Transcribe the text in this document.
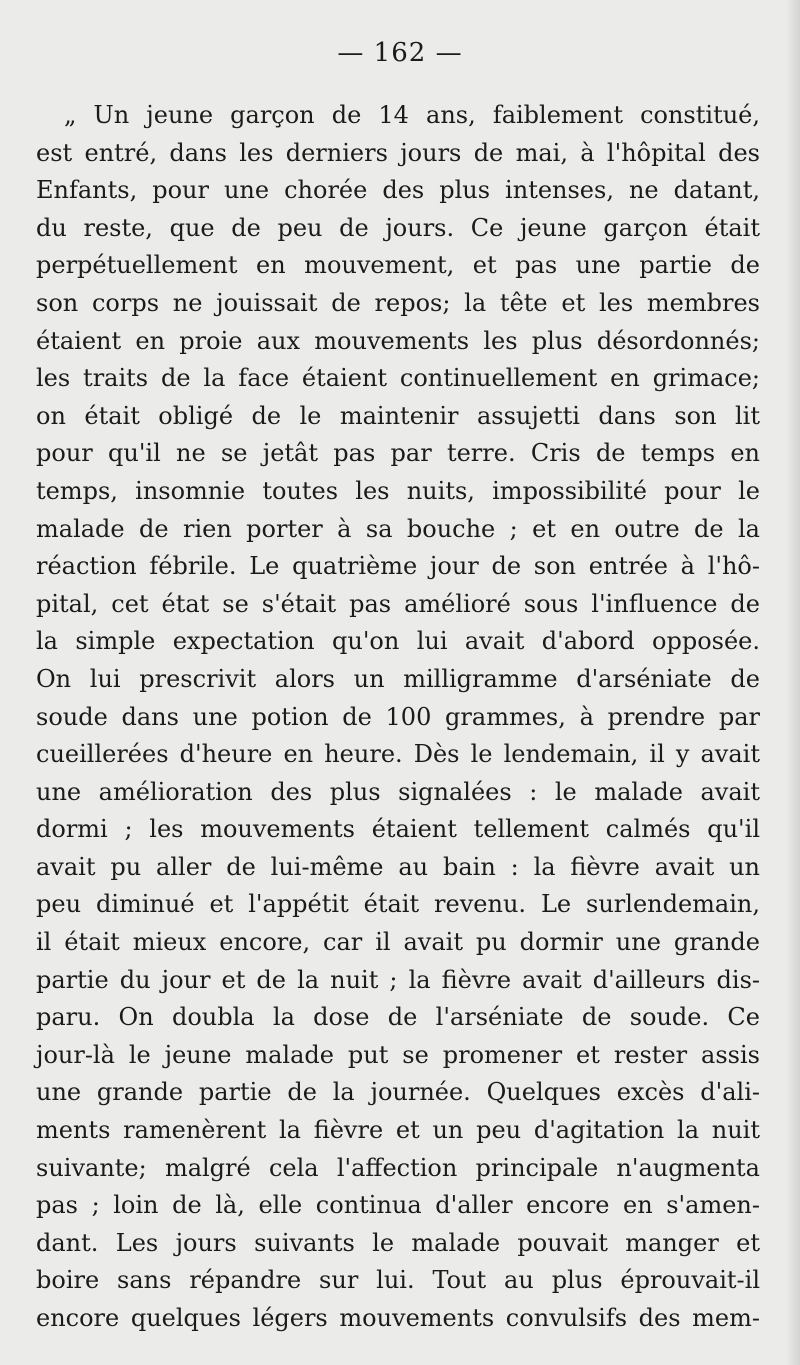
— 162 —
„ Un jeune garçon de 14 ans, faiblement constitué,
est entré, dans les derniers jours de mai, à l'hôpital des
Enfants, pour une chorée des plus intenses, ne datant,
du reste, que de peu de jours. Ce jeune garçon était
perpétuellement en mouvement, et pas une partie de
son corps ne jouissait de repos; la tête et les membres
étaient en proie aux mouvements les plus désordonnés;
les traits de la face étaient continuellement en grimace;
on était obligé de le maintenir assujetti dans son lit
pour qu'il ne se jetât pas par terre. Cris de temps en
temps, insomnie toutes les nuits, impossibilité pour le
malade de rien porter à sa bouche ; et en outre de la
réaction fébrile. Le quatrième jour de son entrée à l'hô-
pital, cet état se s'était pas amélioré sous l'influence de
la simple expectation qu'on lui avait d'abord opposée.
On lui prescrivit alors un milligramme d'arséniate de
soude dans une potion de 100 grammes, à prendre par
cueillerées d'heure en heure. Dès le lendemain, il y avait
une amélioration des plus signalées : le malade avait
dormi ; les mouvements étaient tellement calmés qu'il
avait pu aller de lui-même au bain : la fièvre avait un
peu diminué et l'appétit était revenu. Le surlendemain,
il était mieux encore, car il avait pu dormir une grande
partie du jour et de la nuit ; la fièvre avait d'ailleurs dis-
paru. On doubla la dose de l'arséniate de soude. Ce
jour-là le jeune malade put se promener et rester assis
une grande partie de la journée. Quelques excès d'ali-
ments ramenèrent la fièvre et un peu d'agitation la nuit
suivante; malgré cela l'affection principale n'augmenta
pas ; loin de là, elle continua d'aller encore en s'amen-
dant. Les jours suivants le malade pouvait manger et
boire sans répandre sur lui. Tout au plus éprouvait-il
encore quelques légers mouvements convulsifs des mem-
